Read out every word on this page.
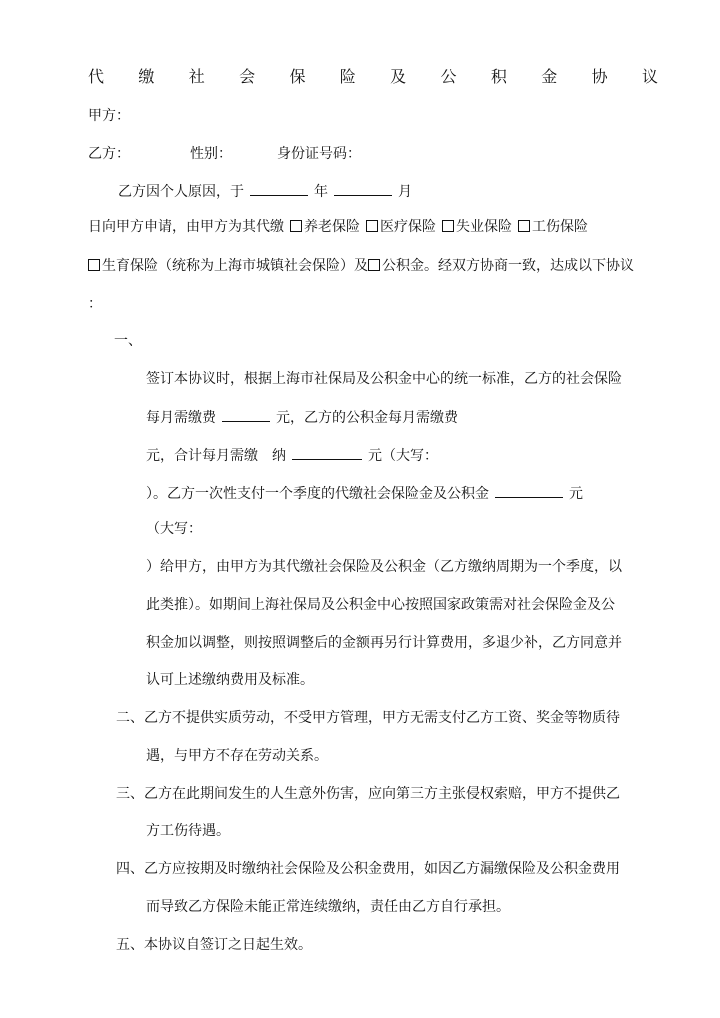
代 缴 社 会 保 险 及 公 积 金 协 议
甲方：
乙方：	性别：	身份证号码：
乙方因个人原因，于	年	月
日向甲方申请，由甲方为其代缴 养老保险 医疗保险 失业保险 工伤保险
生育保险（统称为上海市城镇社会保险）及 公积金。经双方协商一致，达成以下协议
：
一、
签订本协议时，根据上海市社保局及公积金中心的统一标准，乙方的社会保险
每月需缴费	元，乙方的公积金每月需缴费
元，合计每月需缴 纳	元（大写：
）。乙方一次性支付一个季度的代缴社会保险金及公积金	元
（大写：
）给甲方，由甲方为其代缴社会保险及公积金（乙方缴纳周期为一个季度，以
此类推）。如期间上海社保局及公积金中心按照国家政策需对社会保险金及公
积金加以调整，则按照调整后的金额再另行计算费用，多退少补，乙方同意并
认可上述缴纳费用及标准。
二、乙方不提供实质劳动，不受甲方管理，甲方无需支付乙方工资、奖金等物质待
遇，与甲方不存在劳动关系。
三、乙方在此期间发生的人生意外伤害，应向第三方主张侵权索赔，甲方不提供乙
方工伤待遇。
四、乙方应按期及时缴纳社会保险及公积金费用，如因乙方漏缴保险及公积金费用
而导致乙方保险未能正常连续缴纳，责任由乙方自行承担。
五、本协议自签订之日起生效。
